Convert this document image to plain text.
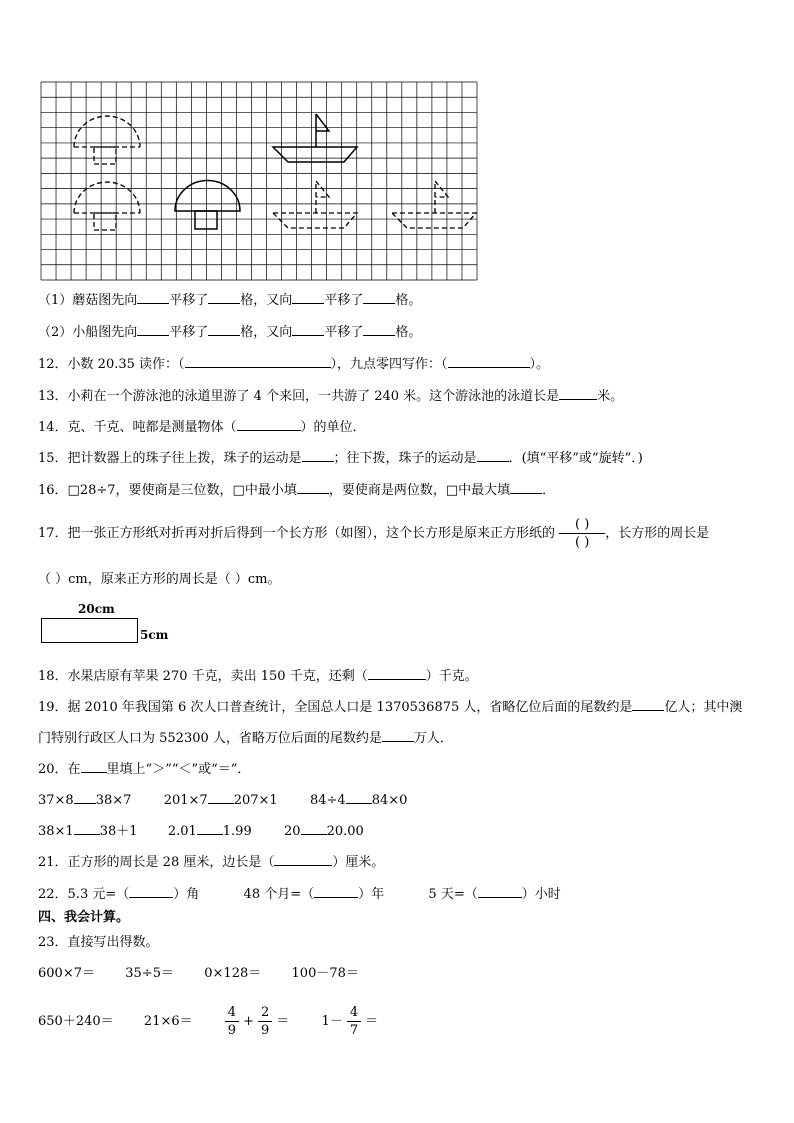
（1）蘑菇图先向 平移了 格，又向 平移了 格。
（2）小船图先向 平移了 格，又向 平移了 格。
12．小数 20.35 读作：（	），九点零四写作：（	）。
13．小莉在一个游泳池的泳道里游了 4 个来回，一共游了 240 米。这个游泳池的泳道长是	米。
14．克、千克、吨都是测量物体（	）的单位．
15．把计数器上的珠子往上拨，珠子的运动是 ；往下拨，珠子的运动是 ．(填“平移”或“旋转”．)
16．□28÷7，要使商是三位数，□中最小填 ，要使商是两位数，□中最大填 ．
17．把一张正方形纸对折再对折后得到一个长方形（如图），这个长方形是原来正方形纸的 $\frac{( )}{( )}$ ，长方形的周长是
（ ）cm，原来正方形的周长是（ ）cm。
20cm
5cm
18．水果店原有苹果 270 千克，卖出 150 千克，还剩（	）千克。
19．据 2010 年我国第 6 次人口普查统计，全国总人口是 1370536875 人，省略亿位后面的尾数约是 亿人；其中澳
门特别行政区人口为 552300 人，省略万位后面的尾数约是 万人．
20．在 里填上“＞”“＜”或“＝”．
37×8 38×7 201×7 207×1 84÷4 84×0
38×1 38＋1 2.01 1.99 20 20.00
21．正方形的周长是 28 厘米，边长是（	）厘米。
22．5.3 元=（	）角	48 个月=（	）年	5 天=（	）小时
四、我会计算。
23．直接写出得数。
600×7＝ 35÷5＝ 0×128＝ 100－78＝
$650+240= 21\times 6= \frac{4}{9} + \frac{2}{9} = 1- \frac{4}{7}$ ＝
